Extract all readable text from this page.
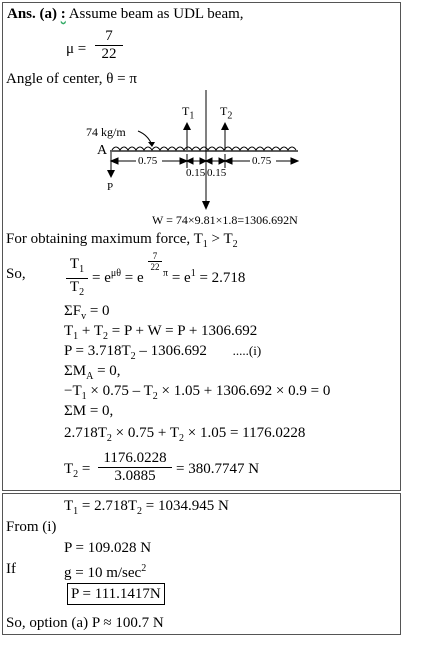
Ans. (a) : Assume beam as UDL beam,
$\mu = \frac{7}{22}$
Angle of center, θ = π
74 kg/m
A
$T_1$ $T_2$
P
0.75
0.15 0.15
0.75
W = 74×9.81×1.8=1306.692N
For obtaining maximum force, $T_1 > T_2$
So,	$\frac{T_1}{T_2} = e^{\mu\theta} = e$
$\frac{7}{22}$
$^\pi = e^1 = 2.718$
$\Sigma F_v = 0$
$T_1 + T_2 = P + W = P + 1306.692$
$P = 3.718T_2 - 1306.692$ .....(i)
$\Sigma M_A = 0$,
$-T_1 \times 0.75 - T_2 \times 1.05 + 1306.692 \times 0.9 = 0$
ΣM = 0,
$2.718T_2 \times 0.75 + T_2 \times 1.05 = 1176.0228$
$T_2 = \frac{1176.0228}{3.0885} = 380.7747$ N
$T_1 = 2.718T_2 = 1034.945$ N
From (i)
P = 109.028 N
If	g = 10 $m/\sec^2$
P = 111.1417N
So, option (a) P ≈ 100.7 N
